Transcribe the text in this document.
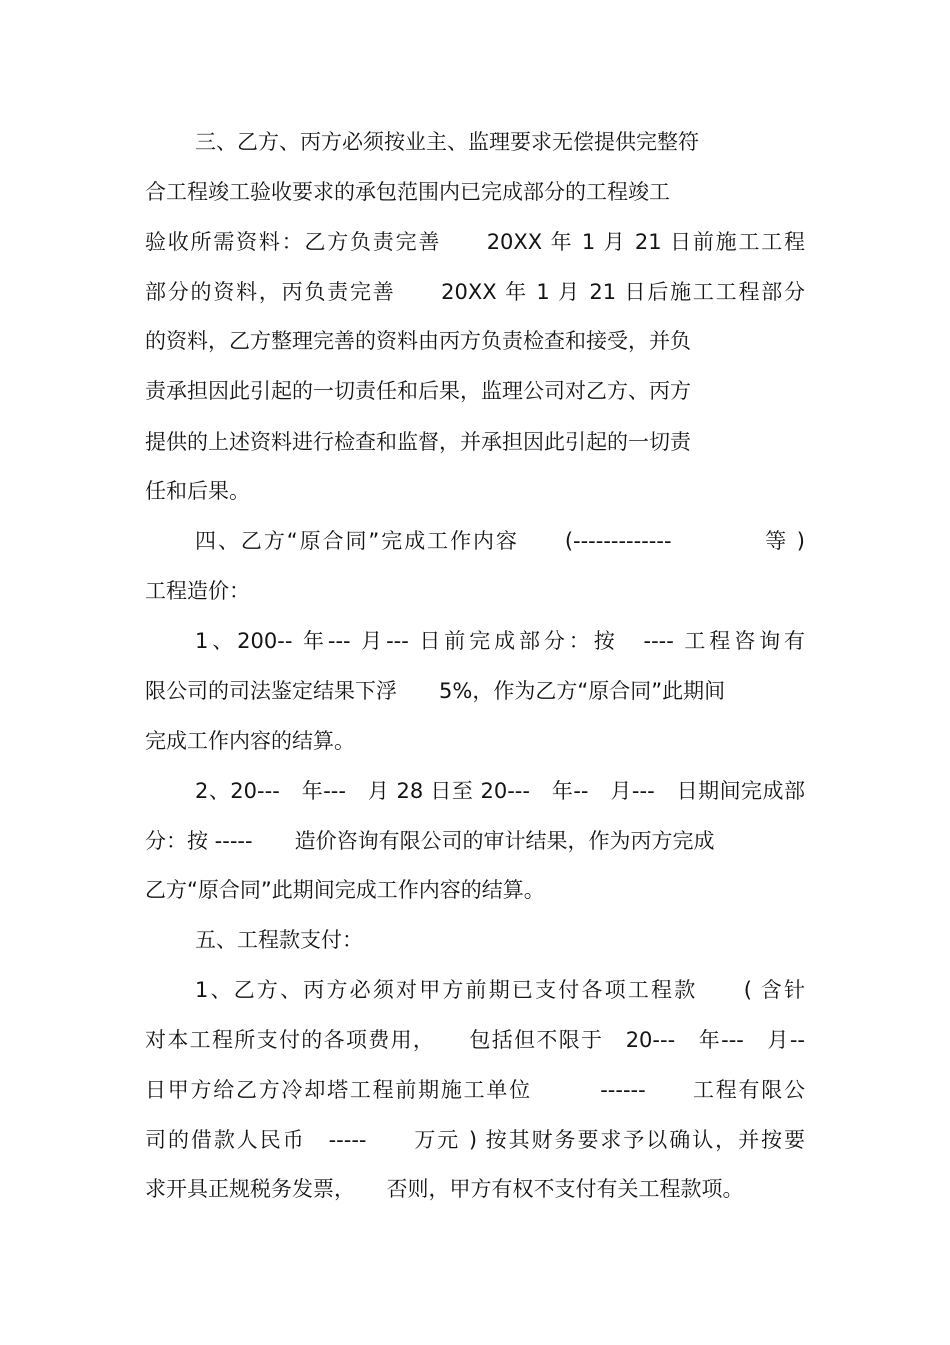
三、乙方、丙方必须按业主、监理要求无偿提供完整符
合工程竣工验收要求的承包范围内已完成部分的工程竣工
验收所需资料：乙方负责完善　　20XX 年 1 月 21 日前施工工程
部分的资料，丙负责完善　　20XX 年 1 月 21 日后施工工程部分
的资料，乙方整理完善的资料由丙方负责检查和接受，并负
责承担因此引起的一切责任和后果，监理公司对乙方、丙方
提供的上述资料进行检查和监督，并承担因此引起的一切责
任和后果。
四、乙方“原合同”完成工作内容　　(-------------　　　　等 )
工程造价：
1、200-- 年--- 月--- 日前完成部分：按　---- 工程咨询有
限公司的司法鉴定结果下浮　　5%，作为乙方“原合同”此期间
完成工作内容的结算。
2、20---　年---　月 28 日至 20---　年--　月---　日期间完成部
分：按 -----　　造价咨询有限公司的审计结果，作为丙方完成
乙方“原合同”此期间完成工作内容的结算。
五、工程款支付：
1、乙方、丙方必须对甲方前期已支付各项工程款　　( 含针
对本工程所支付的各项费用，　　包括但不限于　20---　年---　月--
日甲方给乙方冷却塔工程前期施工单位　　　------　　工程有限公
司的借款人民币　-----　　万元 ) 按其财务要求予以确认，并按要
求开具正规税务发票，　　否则，甲方有权不支付有关工程款项。
